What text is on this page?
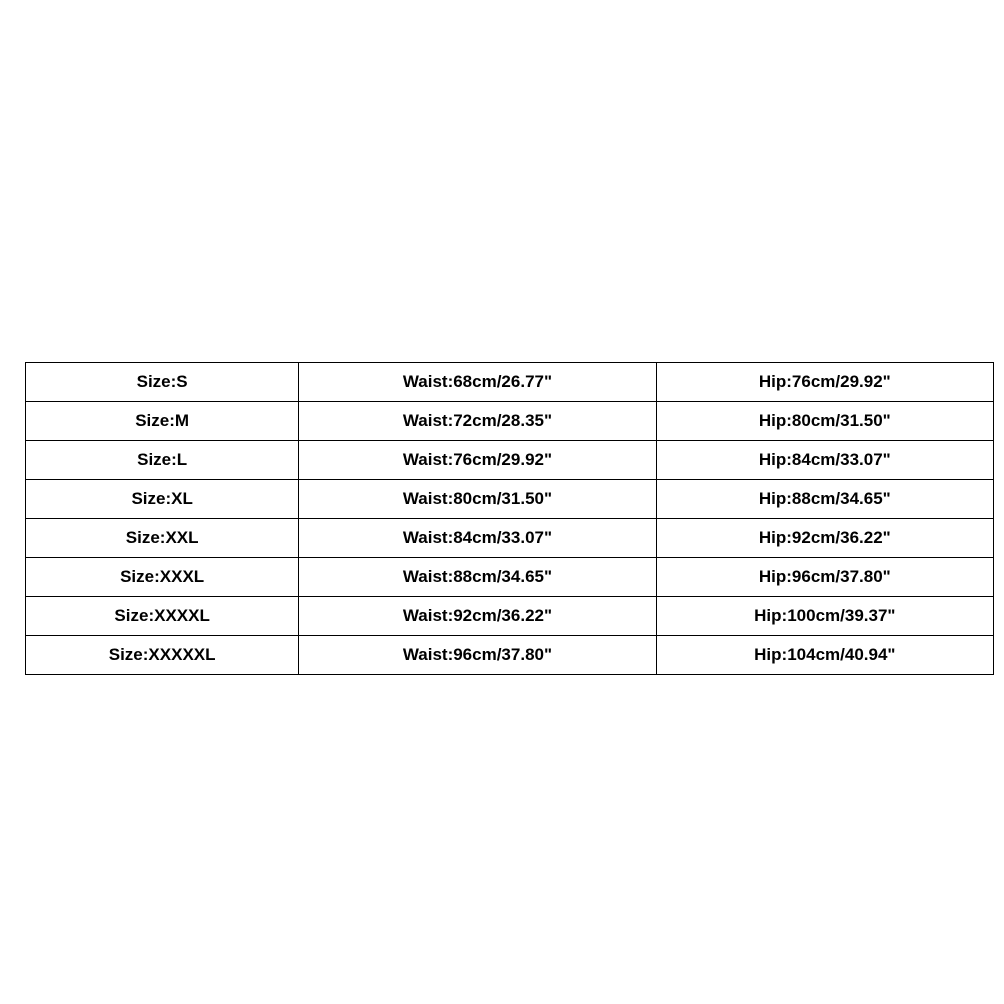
Size:S	Waist:68cm/26.77"	Hip:76cm/29.92"
Size:M	Waist:72cm/28.35"	Hip:80cm/31.50"
Size:L	Waist:76cm/29.92"	Hip:84cm/33.07"
Size:XL	Waist:80cm/31.50"	Hip:88cm/34.65"
Size:XXL	Waist:84cm/33.07"	Hip:92cm/36.22"
Size:XXXL	Waist:88cm/34.65"	Hip:96cm/37.80"
Size:XXXXL	Waist:92cm/36.22"	Hip:100cm/39.37"
Size:XXXXXL	Waist:96cm/37.80"	Hip:104cm/40.94"
